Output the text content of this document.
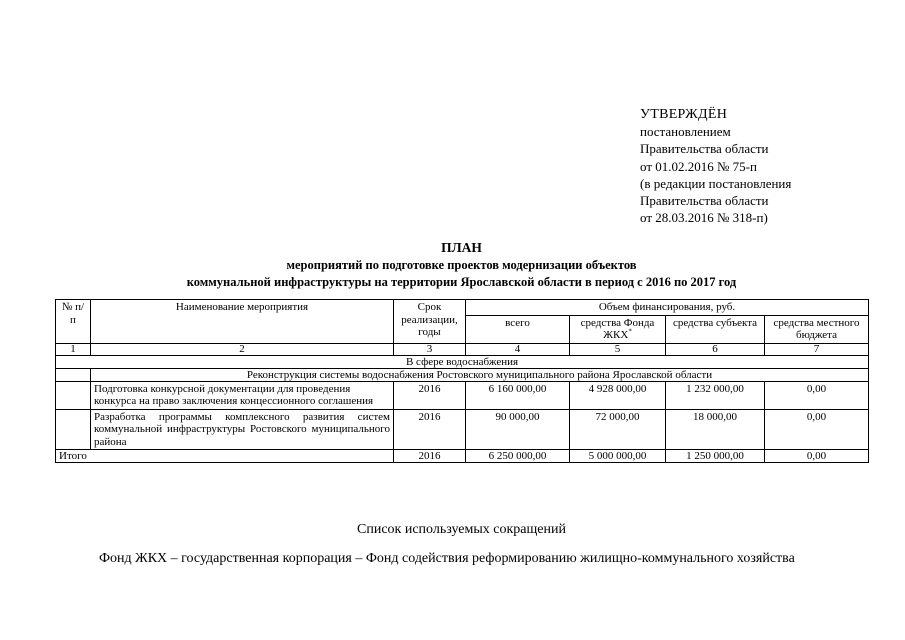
УТВЕРЖДЁН
постановлением
Правительства области
от 01.02.2016 № 75-п
(в редакции постановления
Правительства области
от 28.03.2016 № 318-п)
ПЛАН
мероприятий по подготовке проектов модернизации объектов
коммунальной инфраструктуры на территории Ярославской области в период с 2016 по 2017 год
№ п/п	Наименование мероприятия	Срок реализации, годы	Объем финансирования, руб.			
			всего	средства Фонда ЖКХ*	средства субъекта	средства местного бюджета
1	2	3	4	5	6	7
В сфере водоснабжения						
	Реконструкция системы водоснабжения Ростовского муниципального района Ярославской области					
	Подготовка конкурсной документации для проведения конкурса на право заключения концессионного соглашения	2016	6 160 000,00	4 928 000,00	1 232 000,00	0,00
	Разработка программы комплексного развития систем коммунальной инфраструктуры Ростовского муниципального района	2016	90 000,00	72 000,00	18 000,00	0,00
Итого		2016	6 250 000,00	5 000 000,00	1 250 000,00	0,00
Список используемых сокращений
Фонд ЖКХ – государственная корпорация – Фонд содействия реформированию жилищно-коммунального хозяйства
